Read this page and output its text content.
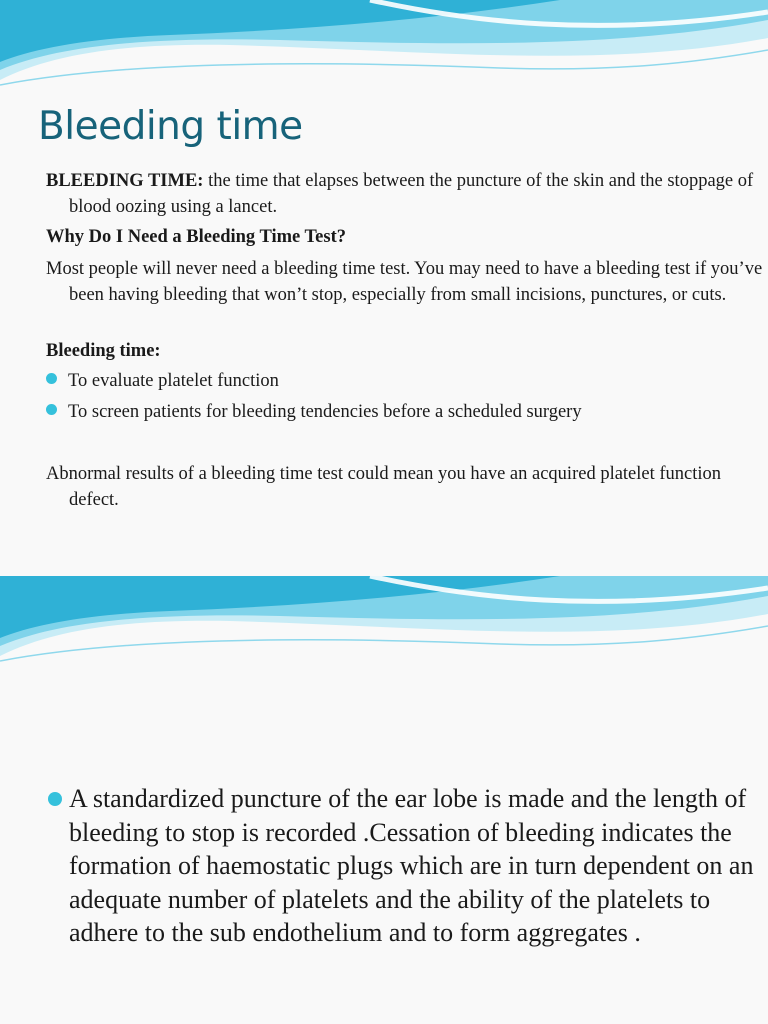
Bleeding time

BLEEDING TIME: the time that elapses between the puncture of the skin and the stoppage of blood oozing using a lancet.

Why Do I Need a Bleeding Time Test?

Most people will never need a bleeding time test. You may need to have a bleeding test if you’ve been having bleeding that won’t stop, especially from small incisions, punctures, or cuts.

Bleeding time:

To evaluate platelet function

To screen patients for bleeding tendencies before a scheduled surgery

Abnormal results of a bleeding time test could mean you have an acquired platelet function defect.

A standardized puncture of the ear lobe is made and the length of bleeding to stop is recorded .Cessation of bleeding indicates the formation of haemostatic plugs which are in turn dependent on an adequate number of platelets and the ability of the platelets to adhere to the sub endothelium and to form aggregates .
